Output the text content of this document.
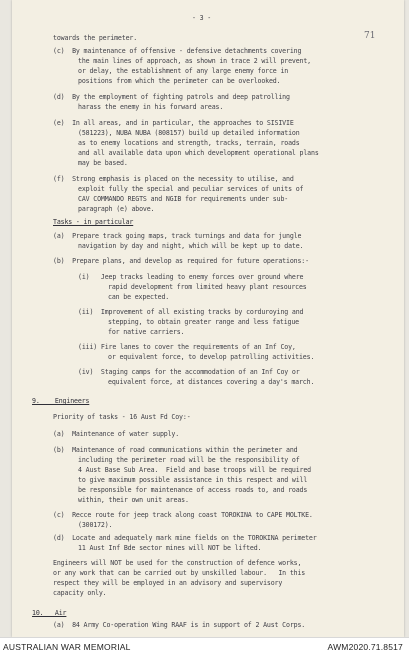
- 3 -
71
towards the perimeter.
(c)  By maintenance of offensive - defensive detachments covering
the main lines of approach, as shown in trace 2 will prevent,
or delay, the establishment of any large enemy force in
positions from which the perimeter can be overlooked.
(d)  By the employment of fighting patrols and deep patrolling
harass the enemy in his forward areas.
(e)  In all areas, and in particular, the approaches to SISIVIE
(581223), NUBA NUBA (808157) build up detailed information
as to enemy locations and strength, tracks, terrain, roads
and all available data upon which development operational plans
may be based.
(f)  Strong emphasis is placed on the necessity to utilise, and
exploit fully the special and peculiar services of units of
CAV COMMANDO REGTS and NGIB for requirements under sub-
paragraph (e) above.
Tasks - in particular
(a)  Prepare track going maps, track turnings and data for jungle
navigation by day and night, which will be kept up to date.
(b)  Prepare plans, and develop as required for future operations:-
(i)   Jeep tracks leading to enemy forces over ground where
rapid development from limited heavy plant resources
can be expected.
(ii)  Improvement of all existing tracks by corduroying and
stepping, to obtain greater range and less fatigue
for native carriers.
(iii) Fire lanes to cover the requirements of an Inf Coy,
or equivalent force, to develop patrolling activities.
(iv)  Staging camps for the accommodation of an Inf Coy or
equivalent force, at distances covering a day's march.
9.    Engineers
Priority of tasks - 16 Aust Fd Coy:-
(a)  Maintenance of water supply.
(b)  Maintenance of road communications within the perimeter and
including the perimeter road will be the responsibility of
4 Aust Base Sub Area.  Field and base troops will be required
to give maximum possible assistance in this respect and will
be responsible for maintenance of access roads to, and roads
within, their own unit areas.
(c)  Recce route for jeep track along coast TOROKINA to CAPE MOLTKE.
(300172).
(d)  Locate and adequately mark mine fields on the TOROKINA perimeter
11 Aust Inf Bde sector mines will NOT be lifted.
Engineers will NOT be used for the construction of defence works,
or any work that can be carried out by unskilled labour.   In this
respect they will be employed in an advisory and supervisory
capacity only.
10.   Air
(a)  84 Army Co-operation Wing RAAF is in support of 2 Aust Corps.
AUSTRALIAN WAR MEMORIAL	AWM2020.71.8517
